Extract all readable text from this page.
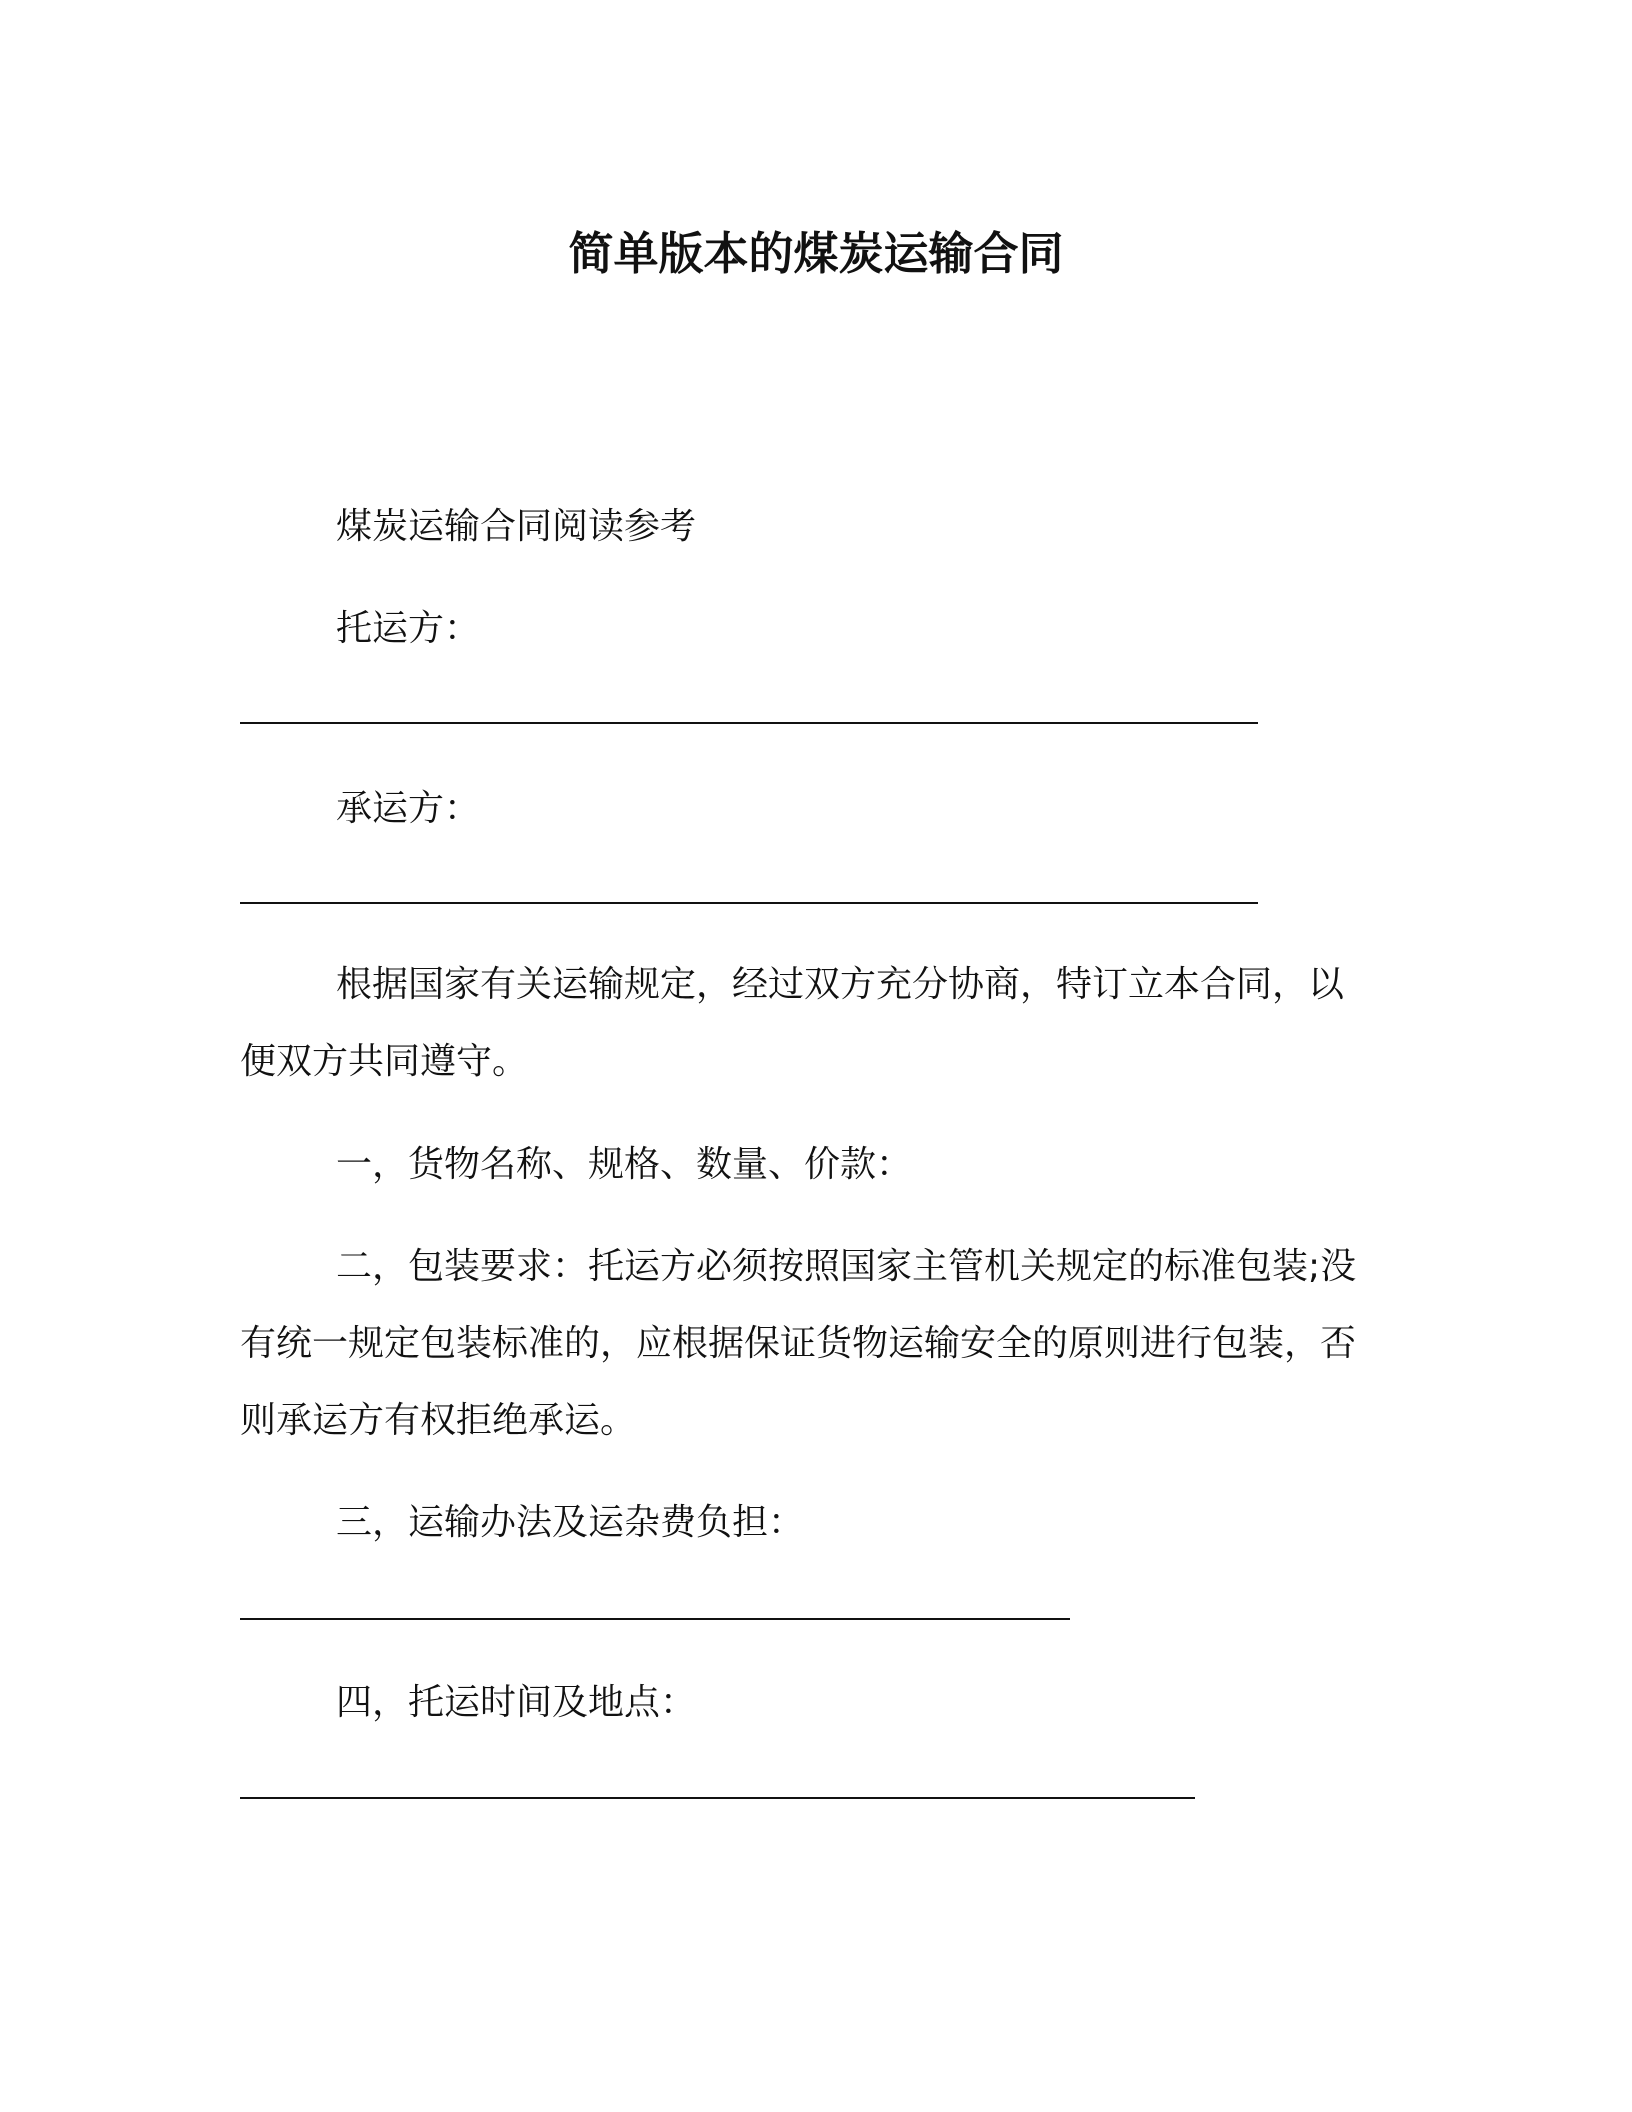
简单版本的煤炭运输合同

煤炭运输合同阅读参考

托运方：

承运方：

根据国家有关运输规定，经过双方充分协商，特订立本合同，以便双方共同遵守。

一，货物名称、规格、数量、价款：

二，包装要求：托运方必须按照国家主管机关规定的标准包装;没有统一规定包装标准的，应根据保证货物运输安全的原则进行包装，否则承运方有权拒绝承运。

三，运输办法及运杂费负担：

四，托运时间及地点：
